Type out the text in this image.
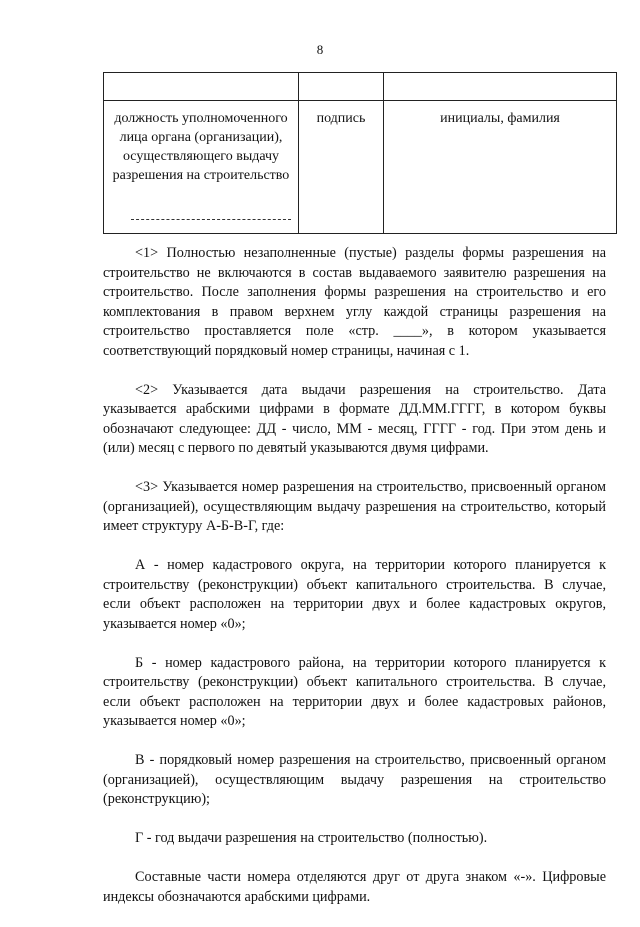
8

должность уполномоченного лица органа (организации), осуществляющего выдачу разрешения на строительство	подпись	инициалы, фамилия

<1> Полностью незаполненные (пустые) разделы формы разрешения на строительство не включаются в состав выдаваемого заявителю разрешения на строительство. После заполнения формы разрешения на строительство и его комплектования в правом верхнем углу каждой страницы разрешения на строительство проставляется поле «стр. ____», в котором указывается соответствующий порядковый номер страницы, начиная с 1.

<2> Указывается дата выдачи разрешения на строительство. Дата указывается арабскими цифрами в формате ДД.ММ.ГГГГ, в котором буквы обозначают следующее: ДД - число, ММ - месяц, ГГГГ - год. При этом день и (или) месяц с первого по девятый указываются двумя цифрами.

<3> Указывается номер разрешения на строительство, присвоенный органом (организацией), осуществляющим выдачу разрешения на строительство, который имеет структуру А-Б-В-Г, где:

А - номер кадастрового округа, на территории которого планируется к строительству (реконструкции) объект капитального строительства. В случае, если объект расположен на территории двух и более кадастровых округов, указывается номер «0»;

Б - номер кадастрового района, на территории которого планируется к строительству (реконструкции) объект капитального строительства. В случае, если объект расположен на территории двух и более кадастровых районов, указывается номер «0»;

В - порядковый номер разрешения на строительство, присвоенный органом (организацией), осуществляющим выдачу разрешения на строительство (реконструкцию);

Г - год выдачи разрешения на строительство (полностью).

Составные части номера отделяются друг от друга знаком «-». Цифровые индексы обозначаются арабскими цифрами.
